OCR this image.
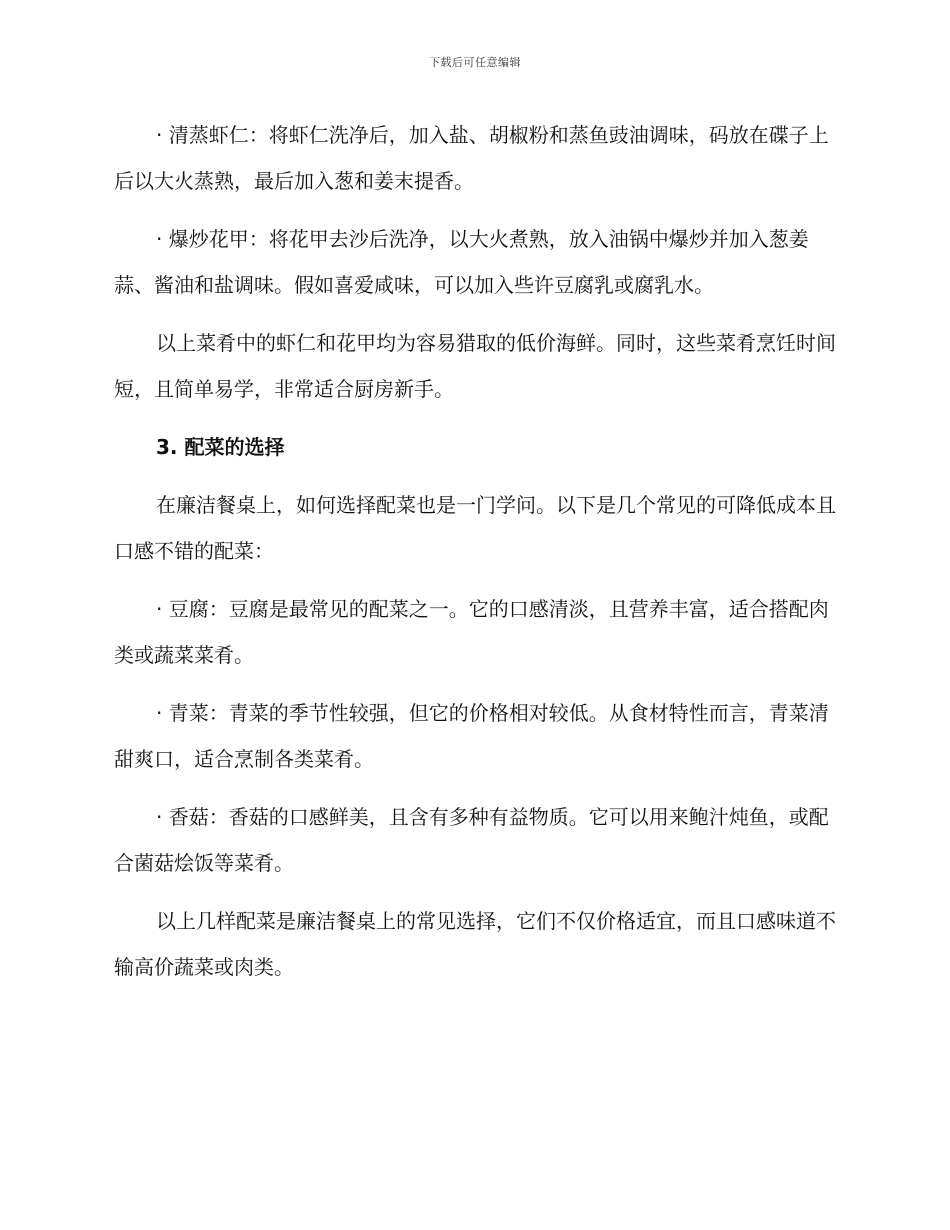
下载后可任意编辑

· 清蒸虾仁：将虾仁洗净后，加入盐、胡椒粉和蒸鱼豉油调味，码放在碟子上后以大火蒸熟，最后加入葱和姜末提香。

· 爆炒花甲：将花甲去沙后洗净，以大火煮熟，放入油锅中爆炒并加入葱姜蒜、酱油和盐调味。假如喜爱咸味，可以加入些许豆腐乳或腐乳水。

以上菜肴中的虾仁和花甲均为容易猎取的低价海鲜。同时，这些菜肴烹饪时间短，且简单易学，非常适合厨房新手。

3. 配菜的选择

在廉洁餐桌上，如何选择配菜也是一门学问。以下是几个常见的可降低成本且口感不错的配菜：

· 豆腐：豆腐是最常见的配菜之一。它的口感清淡，且营养丰富，适合搭配肉类或蔬菜菜肴。

· 青菜：青菜的季节性较强，但它的价格相对较低。从食材特性而言，青菜清甜爽口，适合烹制各类菜肴。

· 香菇：香菇的口感鲜美，且含有多种有益物质。它可以用来鲍汁炖鱼，或配合菌菇烩饭等菜肴。

以上几样配菜是廉洁餐桌上的常见选择，它们不仅价格适宜，而且口感味道不输高价蔬菜或肉类。
